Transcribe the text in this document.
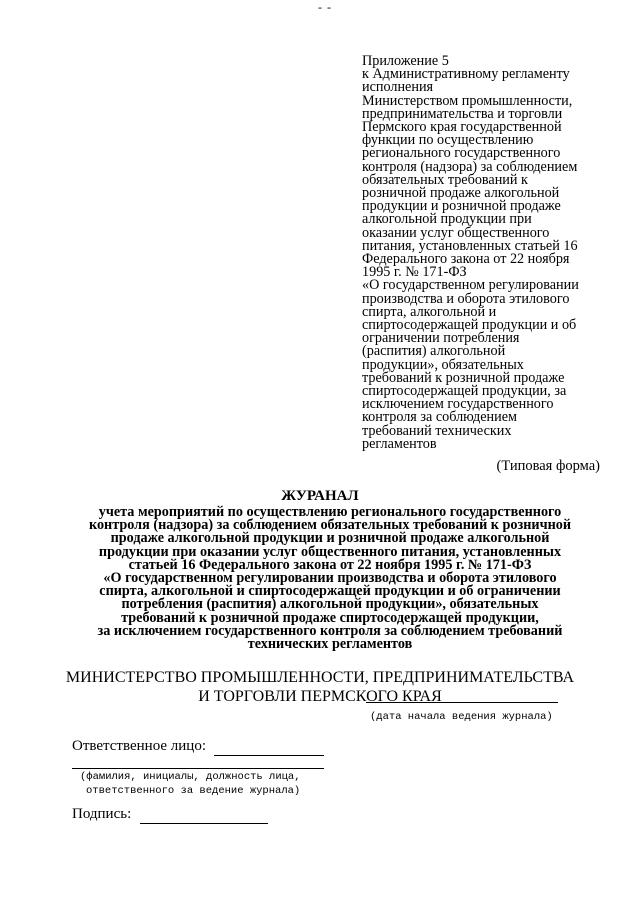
- -
Приложение 5
к Административному регламенту
исполнения
Министерством промышленности,
предпринимательства и торговли
Пермского края государственной
функции по осуществлению
регионального государственного
контроля (надзора) за соблюдением
обязательных требований к
розничной продаже алкогольной
продукции и розничной продаже
алкогольной продукции при
оказании услуг общественного
питания, установленных статьей 16
Федерального закона от 22 ноября
1995 г. № 171-ФЗ
«О государственном регулировании
производства и оборота этилового
спирта, алкогольной и
спиртосодержащей продукции и об
ограничении потребления
(распития) алкогольной
продукции», обязательных
требований к розничной продаже
спиртосодержащей продукции, за
исключением государственного
контроля за соблюдением
требований технических
регламентов
(Типовая форма)
ЖУРАНАЛ
учета мероприятий по осуществлению регионального государственного
контроля (надзора) за соблюдением обязательных требований к розничной
продаже алкогольной продукции и розничной продаже алкогольной
продукции при оказании услуг общественного питания, установленных
статьей 16 Федерального закона от 22 ноября 1995 г. № 171-ФЗ
«О государственном регулировании производства и оборота этилового
спирта, алкогольной и спиртосодержащей продукции и об ограничении
потребления (распития) алкогольной продукции», обязательных
требований к розничной продаже спиртосодержащей продукции,
за исключением государственного контроля за соблюдением требований
технических регламентов
МИНИСТЕРСТВО ПРОМЫШЛЕННОСТИ, ПРЕДПРИНИМАТЕЛЬСТВА
И ТОРГОВЛИ ПЕРМСКОГО КРАЯ
(дата начала ведения журнала)
Ответственное лицо:
(фамилия, инициалы, должность лица,
ответственного за ведение журнала)
Подпись:
